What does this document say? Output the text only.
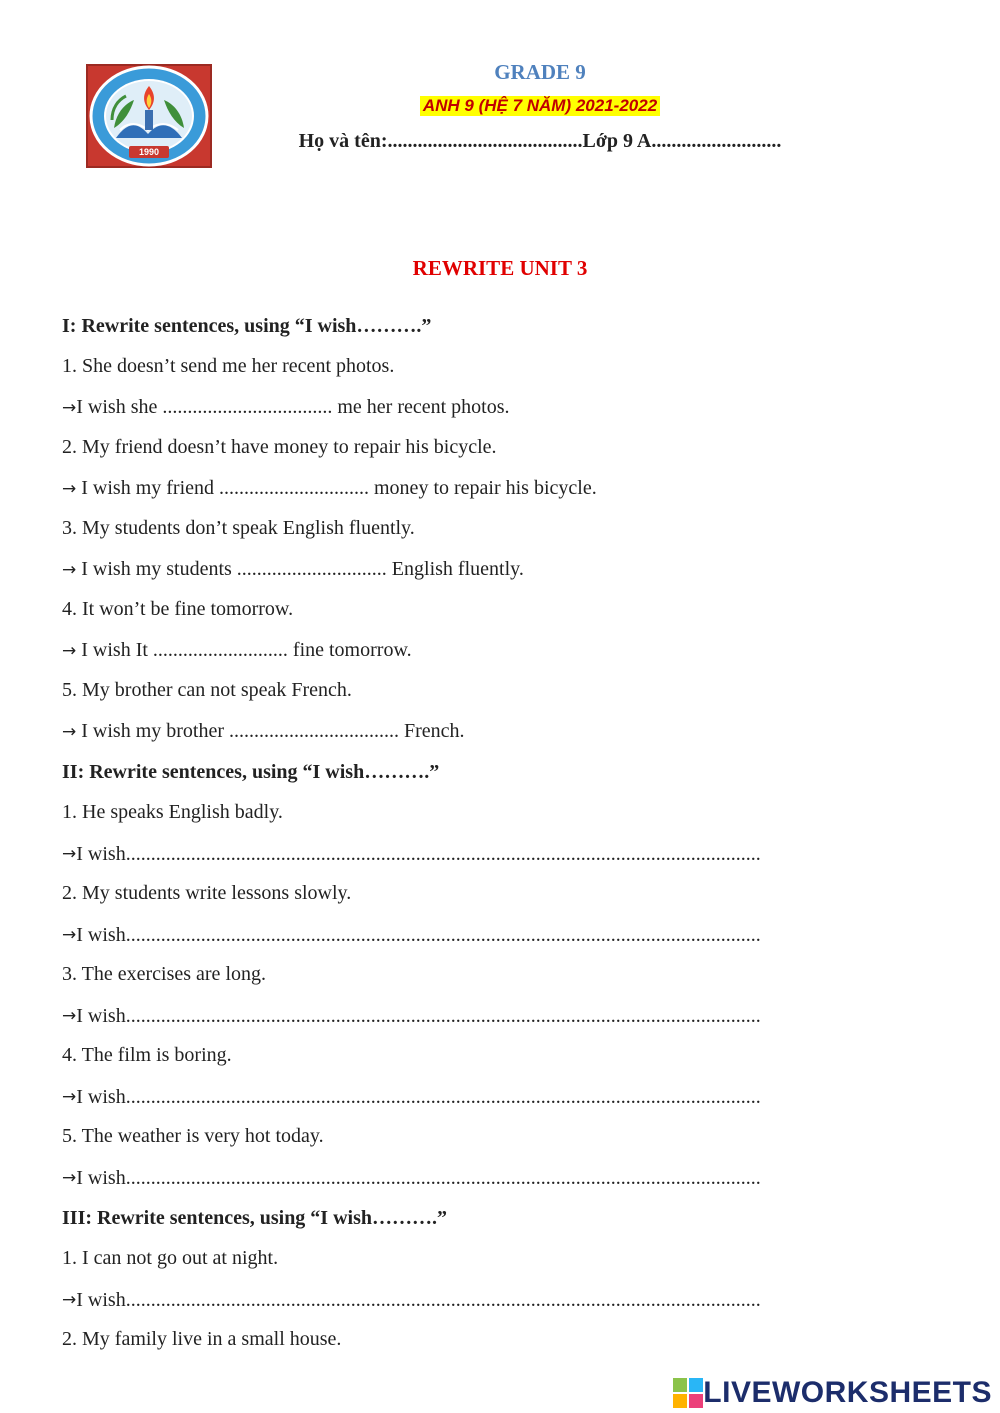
1990
GRADE 9
ANH 9 (HỆ 7 NĂM) 2021-2022
Họ và tên:.......................................Lớp 9 A..........................
REWRITE UNIT 3
I: Rewrite sentences, using “I wish……….”
1. She doesn’t send me her recent photos.
→I wish she .................................. me her recent photos.
2. My friend doesn’t have money to repair his bicycle.
→ I wish my friend .............................. money to repair his bicycle.
3. My students don’t speak English fluently.
→ I wish my students .............................. English fluently.
4. It won’t be fine tomorrow.
→ I wish It ........................... fine tomorrow.
5. My brother can not speak French.
→ I wish my brother .................................. French.
II: Rewrite sentences, using “I wish……….”
1. He speaks English badly.
→I wish...............................................................................................................................
2. My students write lessons slowly.
→I wish...............................................................................................................................
3. The exercises are long.
→I wish...............................................................................................................................
4. The film is boring.
→I wish...............................................................................................................................
5. The weather is very hot today.
→I wish...............................................................................................................................
III: Rewrite sentences, using “I wish……….”
1. I can not go out at night.
→I wish...............................................................................................................................
2. My family live in a small house.
LIVEWORKSHEETS
